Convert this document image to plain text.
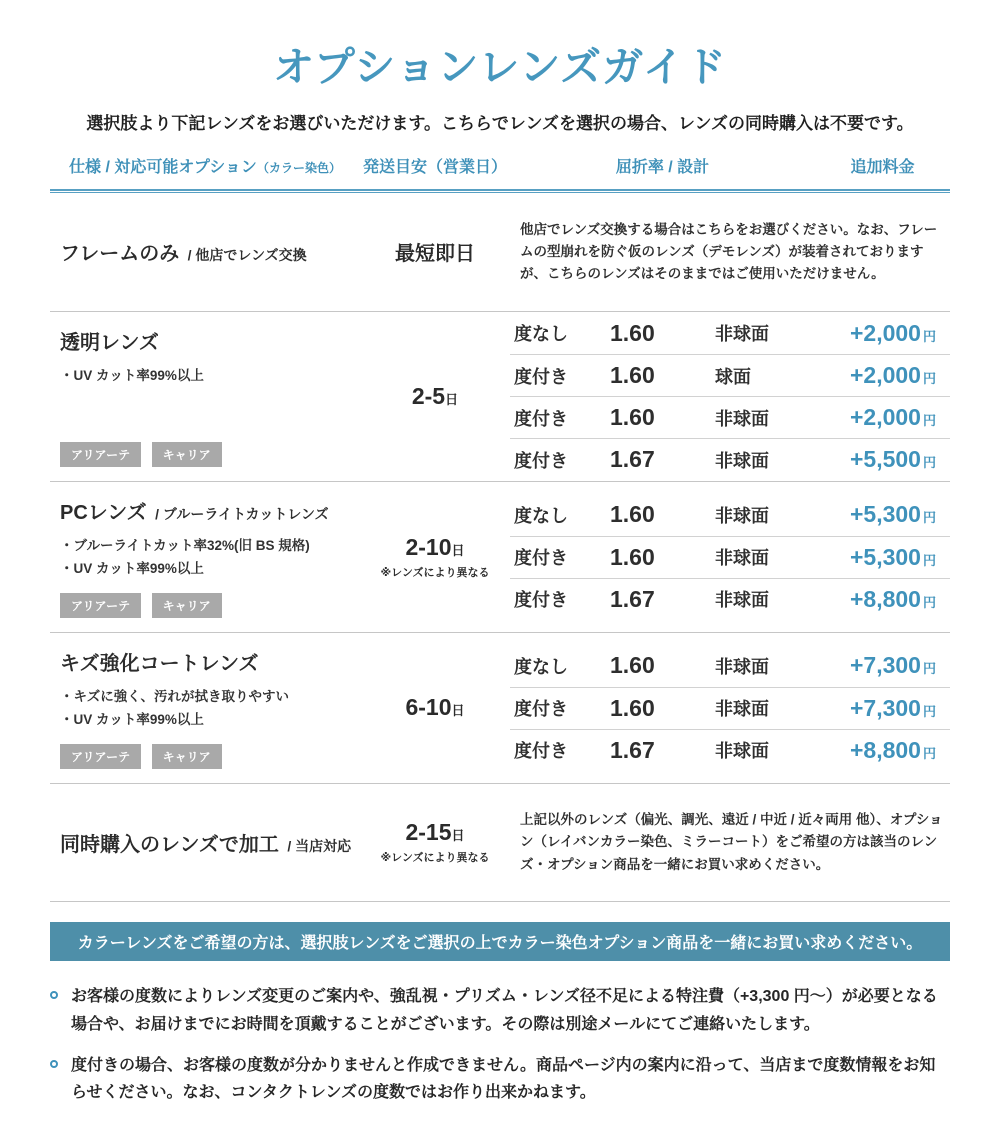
オプションレンズガイド

選択肢より下記レンズをお選びいただけます。こちらでレンズを選択の場合、レンズの同時購入は不要です。

仕様 / 対応可能オプション（カラー染色）	発送目安（営業日）	屈折率 / 設計	追加料金
フレームのみ / 他店でレンズ交換	最短即日

他店でレンズ交換する場合はこちらをお選びください。なお、フレームの型崩れを防ぐ仮のレンズ（デモレンズ）が装着されておりますが、こちらのレンズはそのままではご使用いただけません。

透明レンズ
・UV カット率99%以上
アリアーテ	キャリア
2-5日
度なし	1.60	非球面	+2,000 円
度付き	1.60	球面	+2,000 円
度付き	1.60	非球面	+2,000 円
度付き	1.67	非球面	+5,500 円
PCレンズ / ブルーライトカットレンズ
・ブルーライトカット率32%(旧 BS 規格)
・UV カット率99%以上
アリアーテ	キャリア
2-10日
※レンズにより異なる
度なし	1.60	非球面	+5,300 円
度付き	1.60	非球面	+5,300 円
度付き	1.67	非球面	+8,800 円
キズ強化コートレンズ
・キズに強く、汚れが拭き取りやすい
・UV カット率99%以上
アリアーテ	キャリア
6-10日
度なし	1.60	非球面	+7,300 円
度付き	1.60	非球面	+7,300 円
度付き	1.67	非球面	+8,800 円
同時購入のレンズで加工 / 当店対応
2-15日
※レンズにより異なる

上記以外のレンズ（偏光、調光、遠近 / 中近 / 近々両用 他）、オプション（レイバンカラー染色、ミラーコート）をご希望の方は該当のレンズ・オプション商品を一緒にお買い求めください。

カラーレンズをご希望の方は、選択肢レンズをご選択の上でカラー染色オプション商品を一緒にお買い求めください。

お客様の度数によりレンズ変更のご案内や、強乱視・プリズム・レンズ径不足による特注費（+3,300 円～）が必要となる場合や、お届けまでにお時間を頂戴することがございます。その際は別途メールにてご連絡いたします。

度付きの場合、お客様の度数が分かりませんと作成できません。商品ページ内の案内に沿って、当店まで度数情報をお知らせください。なお、コンタクトレンズの度数ではお作り出来かねます。
